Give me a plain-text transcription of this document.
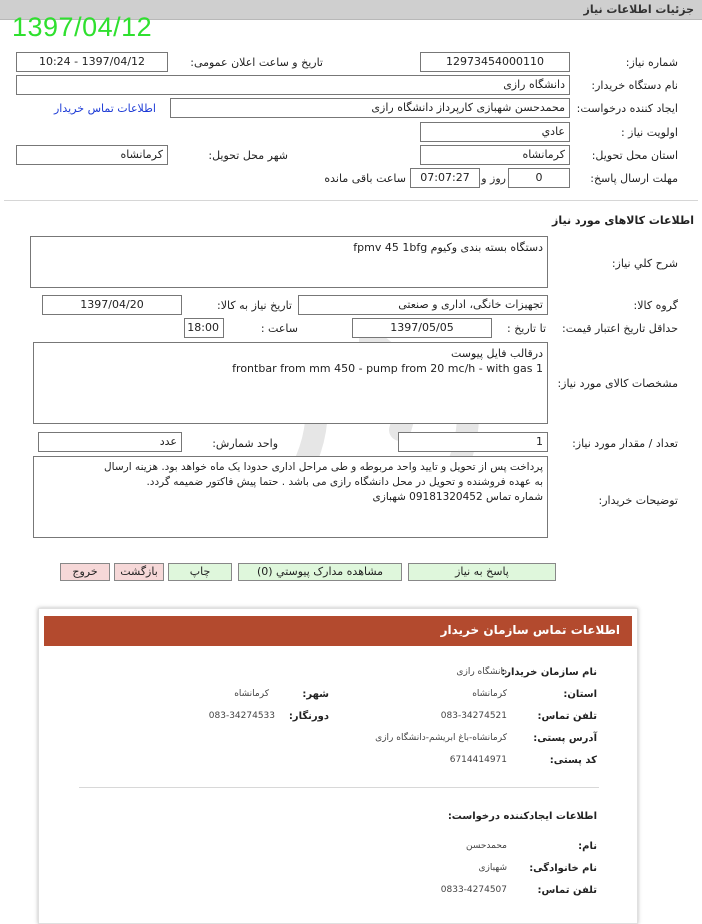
جزئیات اطلاعات نیاز
1397/04/12
شماره نیاز:
12973454000110
تاریخ و ساعت اعلان عمومی:
1397/04/12 - 10:24
نام دستگاه خریدار:
دانشگاه رازی
ایجاد کننده درخواست:
محمدحسن شهبازی کارپرداز دانشگاه رازی
اطلاعات تماس خریدار
اولویت نیاز :
عادي
استان محل تحویل:
کرمانشاه
شهر محل تحویل:
کرمانشاه
مهلت ارسال پاسخ:
0
روز و
07:07:27
ساعت باقی مانده
اطلاعات کالاهای مورد نیاز
شرح کلي نياز:
دستگاه بسته بندی وکیوم fpmv 45 1bfg
گروه کالا:
تجهیزات خانگی، اداری و صنعتی
تاریخ نیاز به کالا:
1397/04/20
حداقل تاریخ اعتبار قیمت:
تا تاریخ :
1397/05/05
ساعت :
18:00
مشخصات کالای مورد نیاز:
درقالب فایل پیوست
frontbar from mm 450 - pump from 20 mc/h - with gas 1
تعداد / مقدار مورد نیاز:
1
واحد شمارش:
عدد
توضیحات خریدار:
پرداخت پس از تحویل و تایید واحد مربوطه و طی مراحل اداری حدودا یک ماه خواهد بود. هزینه ارسال
به عهده فروشنده و تحویل در محل دانشگاه رازی می باشد . حتما پیش فاکتور ضمیمه گردد.
شماره تماس 09181320452 شهبازی
پاسخ به نیاز
مشاهده مدارک پیوستي (0)
چاپ
بازگشت
خروج
اطلاعات تماس سازمان خریدار
نام سازمان خریدار:
دانشگاه رازی
استان:
کرمانشاه
شهر:
کرمانشاه
تلفن تماس:
083-34274521
دورنگار:
083-34274533
آدرس پستی:
کرمانشاه-باغ ابریشم-دانشگاه رازی
کد پستی:
6714414971
اطلاعات ایجادکننده درخواست:
نام:
محمدحسن
نام خانوادگی:
شهبازی
تلفن تماس:
0833-4274507
